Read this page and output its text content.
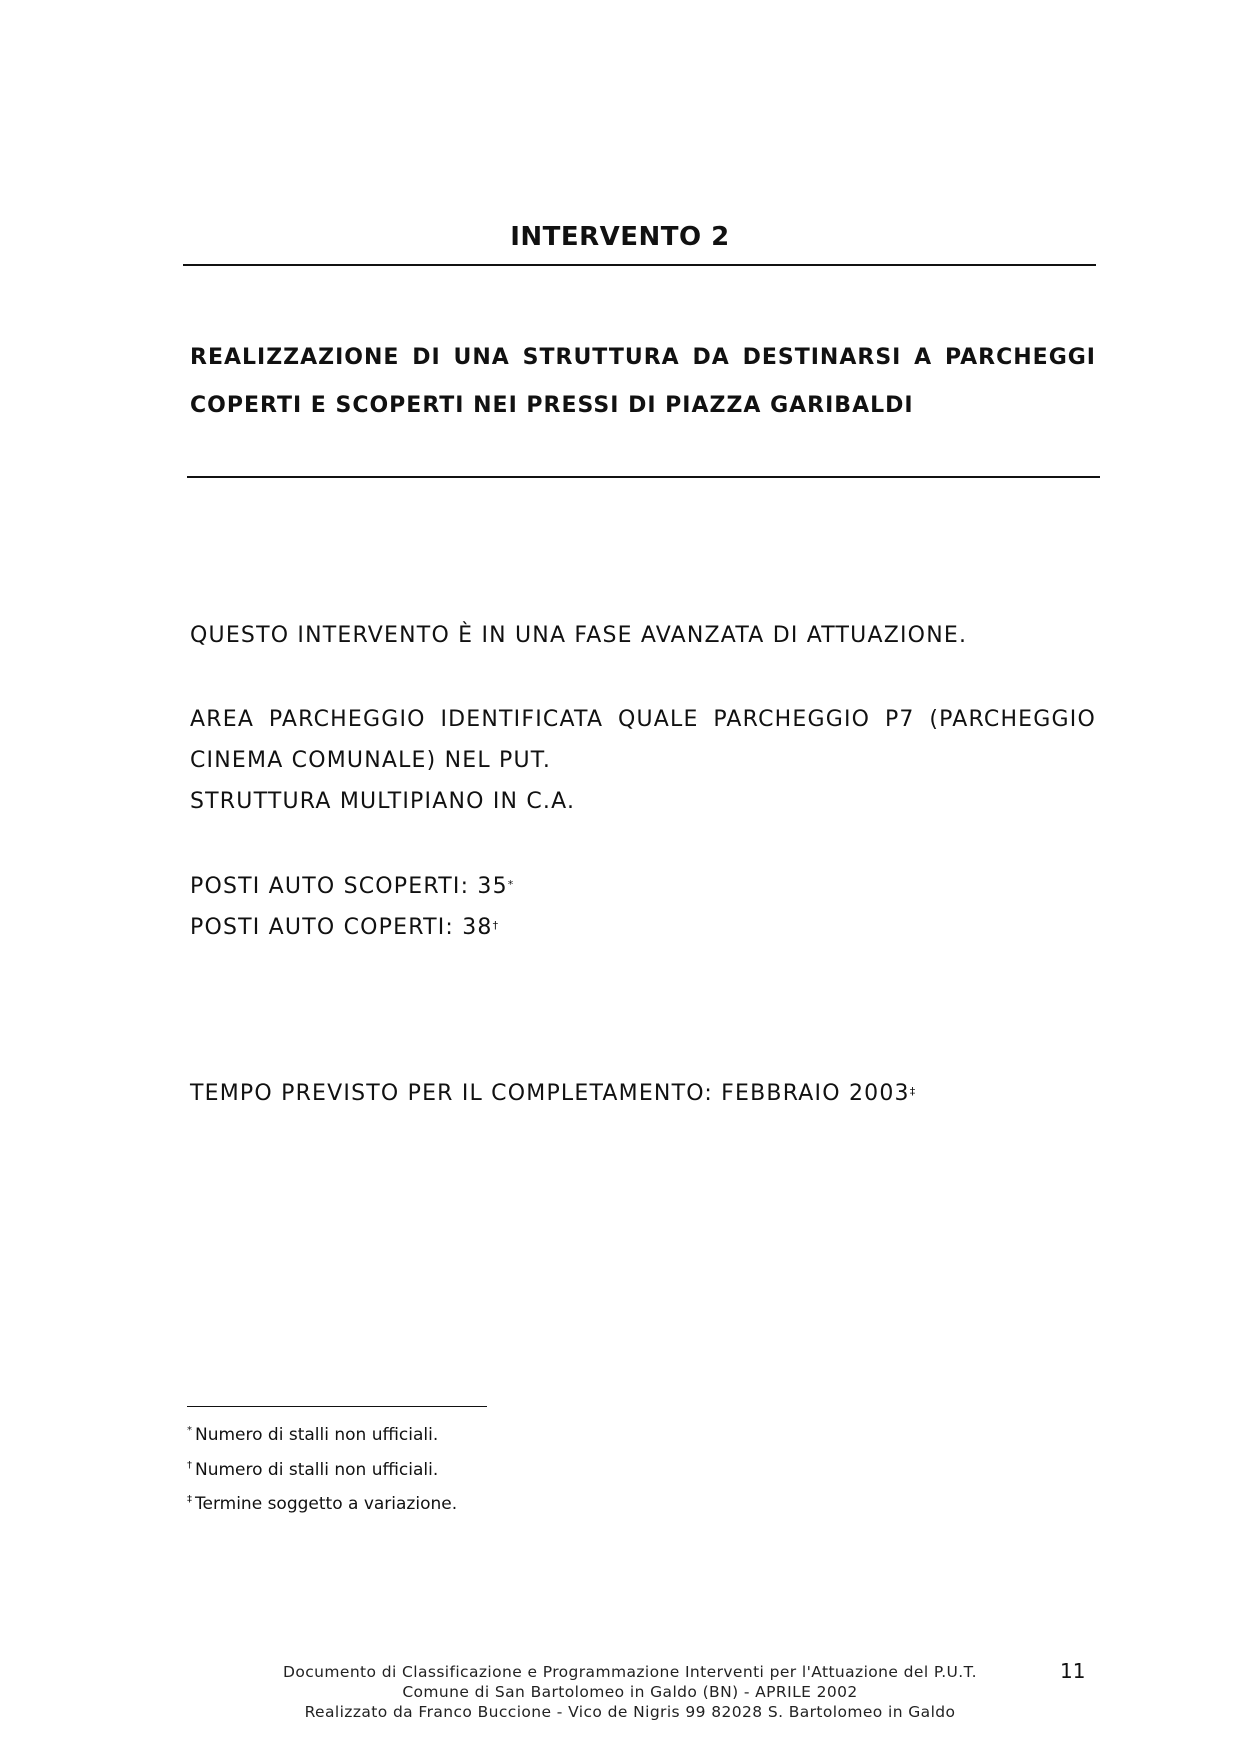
INTERVENTO 2
REALIZZAZIONE DI UNA STRUTTURA DA DESTINARSI A PARCHEGGI
COPERTI E SCOPERTI NEI PRESSI DI PIAZZA GARIBALDI
QUESTO INTERVENTO È IN UNA FASE AVANZATA DI ATTUAZIONE.
AREA PARCHEGGIO IDENTIFICATA QUALE PARCHEGGIO P7 (PARCHEGGIO
CINEMA COMUNALE) NEL PUT.
STRUTTURA MULTIPIANO IN C.A.
POSTI AUTO SCOPERTI: 35*
POSTI AUTO COPERTI: 38†
TEMPO PREVISTO PER IL COMPLETAMENTO: FEBBRAIO 2003‡
* Numero di stalli non ufficiali.
† Numero di stalli non ufficiali.
‡ Termine soggetto a variazione.
Documento di Classificazione e Programmazione Interventi per l'Attuazione del P.U.T.
Comune di San Bartolomeo in Galdo (BN) - APRILE 2002
Realizzato da Franco Buccione - Vico de Nigris 99 82028 S. Bartolomeo in Galdo
11
